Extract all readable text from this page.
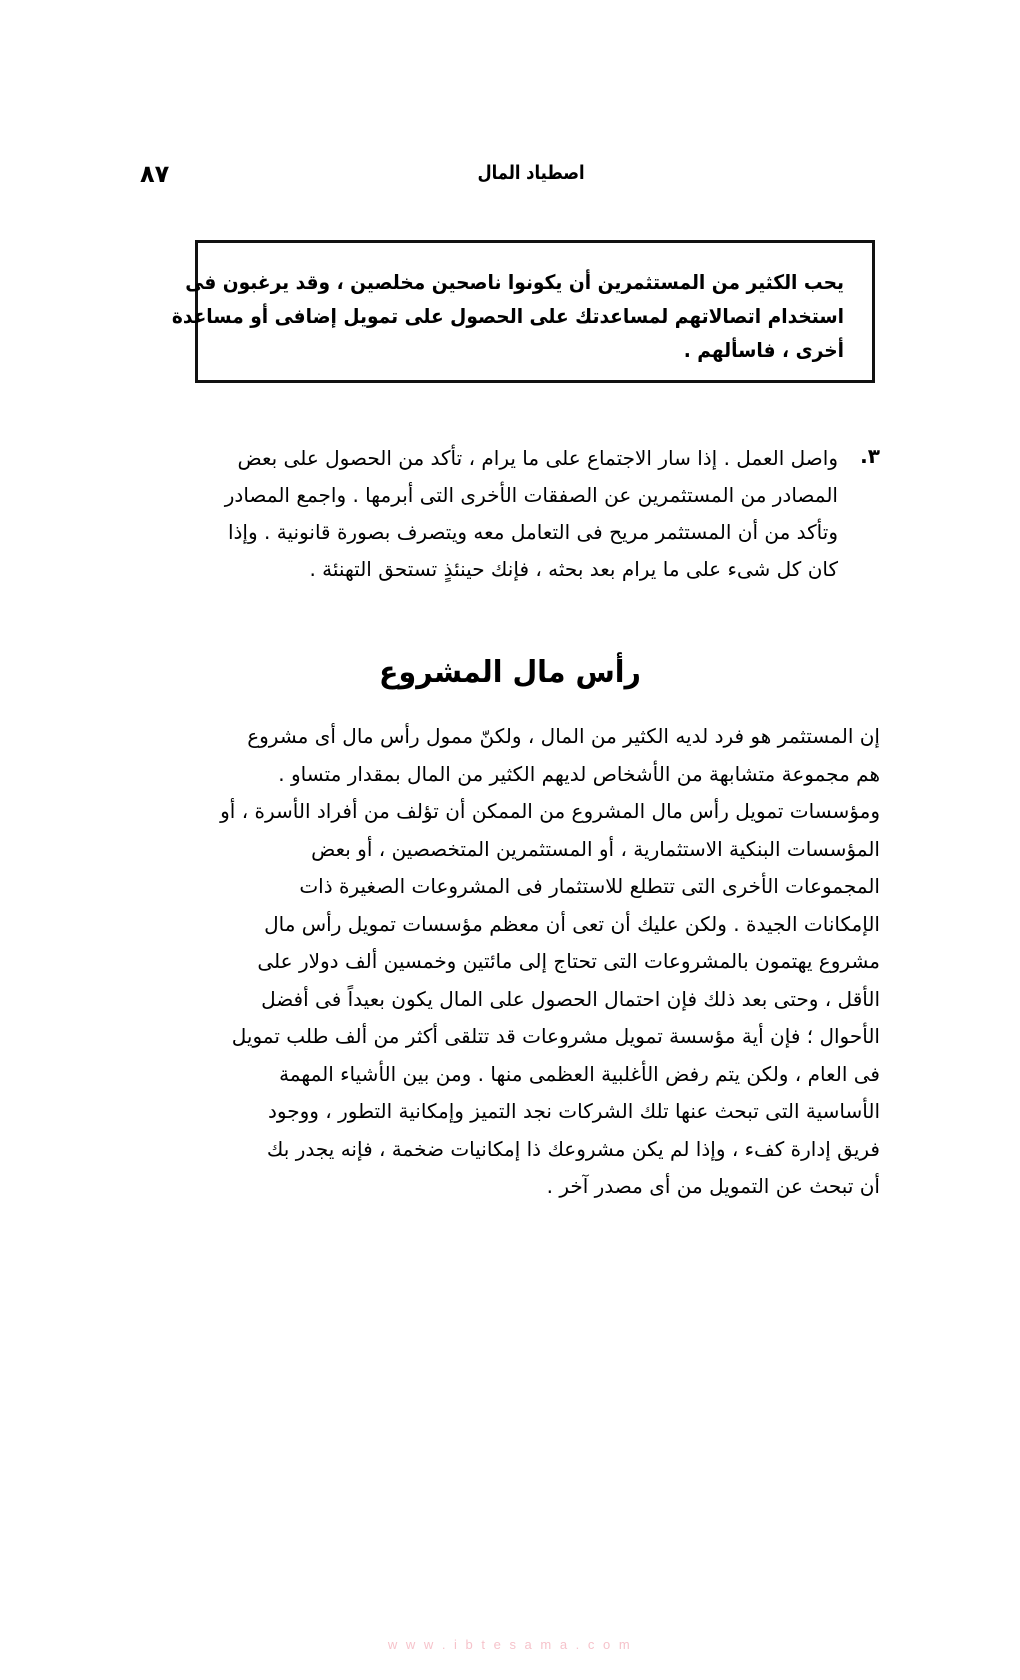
اصطياد المال
٨٧
يحب الكثير من المستثمرين أن يكونوا ناصحين مخلصين ، وقد يرغبون فى
استخدام اتصالاتهم لمساعدتك على الحصول على تمويل إضافى أو مساعدة
أخرى ، فاسألهم .
٣.
واصل العمل . إذا سار الاجتماع على ما يرام ، تأكد من الحصول على بعض
المصادر من المستثمرين عن الصفقات الأخرى التى أبرمها . واجمع المصادر
وتأكد من أن المستثمر مريح فى التعامل معه ويتصرف بصورة قانونية . وإذا
كان كل شىء على ما يرام بعد بحثه ، فإنك حينئذٍ تستحق التهنئة .
رأس مال المشروع
إن المستثمر هو فرد لديه الكثير من المال ، ولكنّ ممول رأس مال أى مشروع
هم مجموعة متشابهة من الأشخاص لديهم الكثير من المال بمقدار متساو .
ومؤسسات تمويل رأس مال المشروع من الممكن أن تؤلف من أفراد الأسرة ، أو
المؤسسات البنكية الاستثمارية ، أو المستثمرين المتخصصين ، أو بعض
المجموعات الأخرى التى تتطلع للاستثمار فى المشروعات الصغيرة ذات
الإمكانات الجيدة . ولكن عليك أن تعى أن معظم مؤسسات تمويل رأس مال
مشروع يهتمون بالمشروعات التى تحتاج إلى مائتين وخمسين ألف دولار على
الأقل ، وحتى بعد ذلك فإن احتمال الحصول على المال يكون بعيداً فى أفضل
الأحوال ؛ فإن أية مؤسسة تمويل مشروعات قد تتلقى أكثر من ألف طلب تمويل
فى العام ، ولكن يتم رفض الأغلبية العظمى منها . ومن بين الأشياء المهمة
الأساسية التى تبحث عنها تلك الشركات نجد التميز وإمكانية التطور ، ووجود
فريق إدارة كفء ، وإذا لم يكن مشروعك ذا إمكانيات ضخمة ، فإنه يجدر بك
أن تبحث عن التمويل من أى مصدر آخر .
w w w . i b t e s a m a . c o m
